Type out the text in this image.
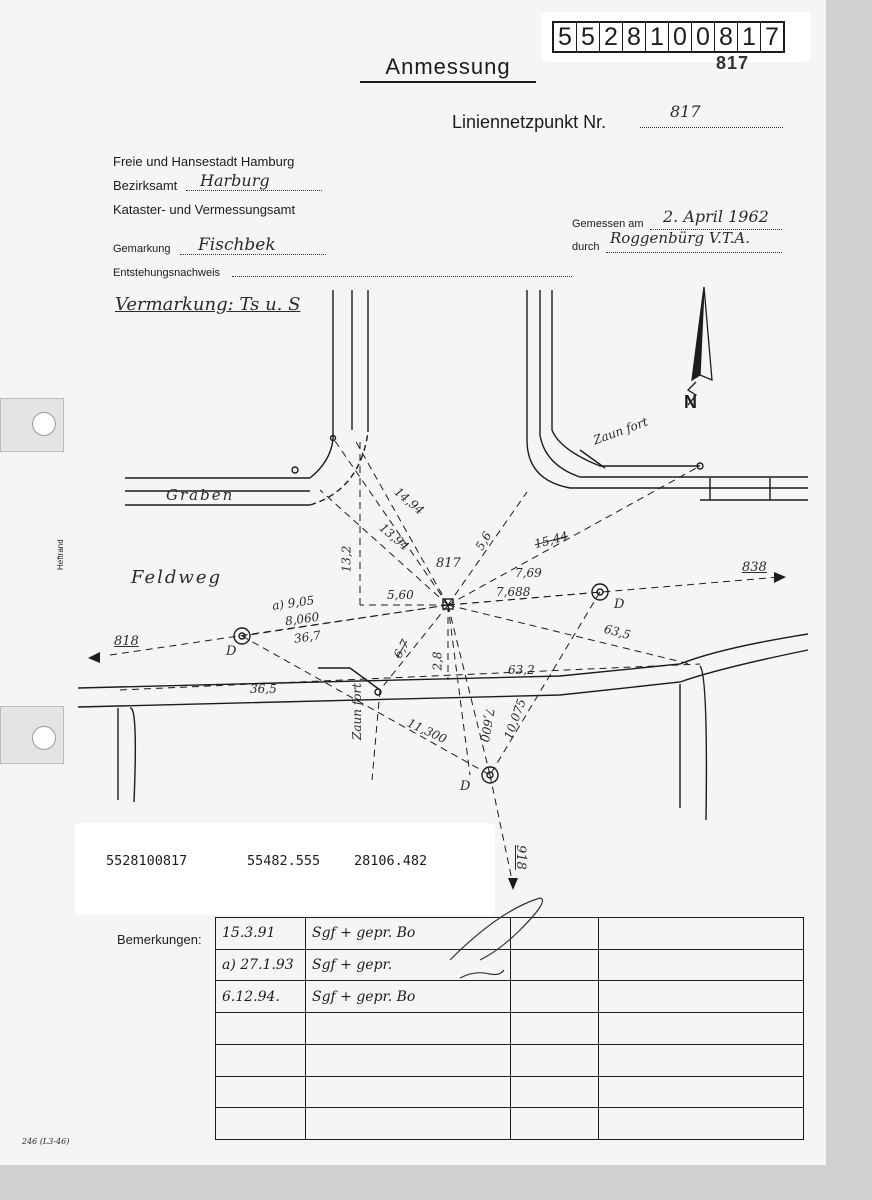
5 5 2 8 1 0 0 8 1 7
Anmessung	817
Liniennetzpunkt Nr.
817
Freie und Hansestadt Hamburg
Bezirksamt Harburg
Kataster- und Vermessungsamt
Gemarkung Fischbek
Entstehungsnachweis
Gemessen am 2. April 1962
durch Roggenbürg V.T.A.
Vermarkung: Ts u. S
Heftrand
Graben
Feldweg
Zaun fort
Zaun fort
817	838
818
918
D
D
D
N
14,94
13,94
13,2
5,6	15,44
7,69
7,688
5,60
a) 9,05
8,060
36,7	63,5
6,7
2,8	63,2
36,5
11,300 7,600 10,075
5528100817	55482.555	28106.482
Bemerkungen: 15.3.91	Sgf + gepr. Bo		
a) 27.1.93	Sgf + gepr.		
6.12.94.	Sgf + gepr. Bo		

246 (L3-46)
